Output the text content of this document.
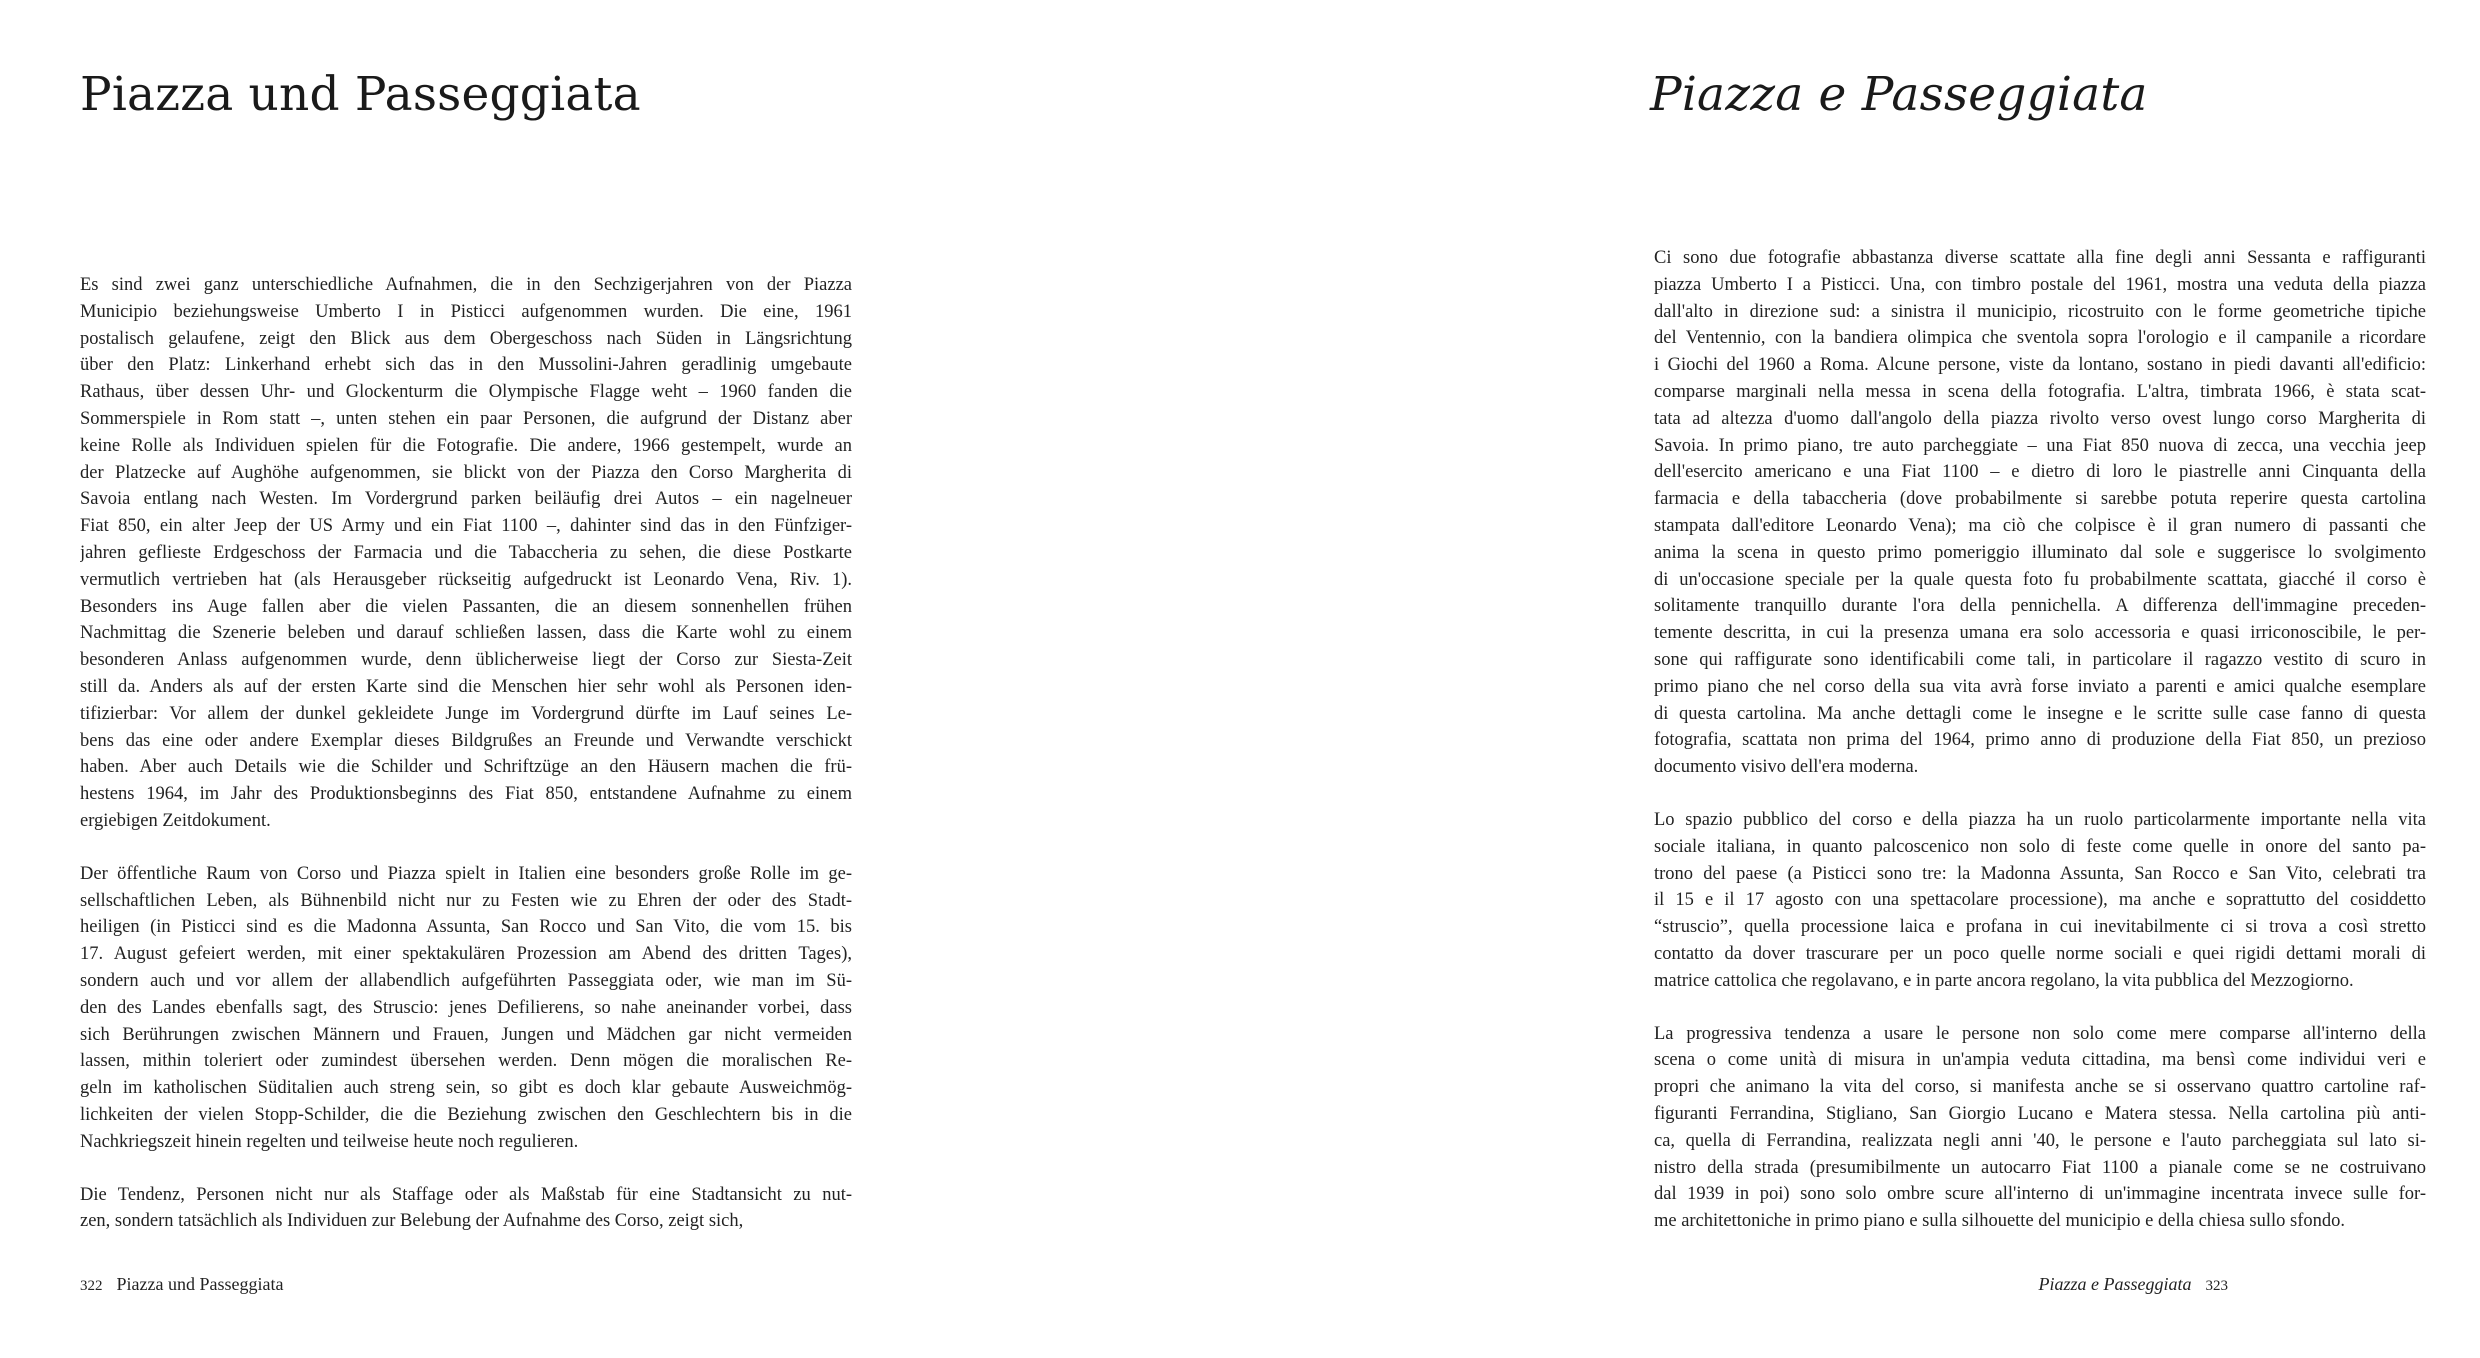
Piazza und Passeggiata
Es sind zwei ganz unterschiedliche Aufnahmen, die in den Sechzigerjahren von der Piazza
Municipio beziehungsweise Umberto I in Pisticci aufgenommen wurden. Die eine, 1961
postalisch gelaufene, zeigt den Blick aus dem Obergeschoss nach Süden in Längsrichtung
über den Platz: Linkerhand erhebt sich das in den Mussolini-Jahren geradlinig umgebaute
Rathaus, über dessen Uhr- und Glockenturm die Olympische Flagge weht – 1960 fanden die
Sommerspiele in Rom statt –, unten stehen ein paar Personen, die aufgrund der Distanz aber
keine Rolle als Individuen spielen für die Fotografie. Die andere, 1966 gestempelt, wurde an
der Platzecke auf Aughöhe aufgenommen, sie blickt von der Piazza den Corso Margherita di
Savoia entlang nach Westen. Im Vordergrund parken beiläufig drei Autos – ein nagelneuer
Fiat 850, ein alter Jeep der US Army und ein Fiat 1100 –, dahinter sind das in den Fünfziger-
jahren geflieste Erdgeschoss der Farmacia und die Tabaccheria zu sehen, die diese Postkarte
vermutlich vertrieben hat (als Herausgeber rückseitig aufgedruckt ist Leonardo Vena, Riv. 1).
Besonders ins Auge fallen aber die vielen Passanten, die an diesem sonnenhellen frühen
Nachmittag die Szenerie beleben und darauf schließen lassen, dass die Karte wohl zu einem
besonderen Anlass aufgenommen wurde, denn üblicherweise liegt der Corso zur Siesta-Zeit
still da. Anders als auf der ersten Karte sind die Menschen hier sehr wohl als Personen iden-
tifizierbar: Vor allem der dunkel gekleidete Junge im Vordergrund dürfte im Lauf seines Le-
bens das eine oder andere Exemplar dieses Bildgrußes an Freunde und Verwandte verschickt
haben. Aber auch Details wie die Schilder und Schriftzüge an den Häusern machen die frü-
hestens 1964, im Jahr des Produktionsbeginns des Fiat 850, entstandene Aufnahme zu einem
ergiebigen Zeitdokument.
Der öffentliche Raum von Corso und Piazza spielt in Italien eine besonders große Rolle im ge-
sellschaftlichen Leben, als Bühnenbild nicht nur zu Festen wie zu Ehren der oder des Stadt-
heiligen (in Pisticci sind es die Madonna Assunta, San Rocco und San Vito, die vom 15. bis
17. August gefeiert werden, mit einer spektakulären Prozession am Abend des dritten Tages),
sondern auch und vor allem der allabendlich aufgeführten Passeggiata oder, wie man im Sü-
den des Landes ebenfalls sagt, des Struscio: jenes Defilierens, so nahe aneinander vorbei, dass
sich Berührungen zwischen Männern und Frauen, Jungen und Mädchen gar nicht vermeiden
lassen, mithin toleriert oder zumindest übersehen werden. Denn mögen die moralischen Re-
geln im katholischen Süditalien auch streng sein, so gibt es doch klar gebaute Ausweichmög-
lichkeiten der vielen Stopp-Schilder, die die Beziehung zwischen den Geschlechtern bis in die
Nachkriegszeit hinein regelten und teilweise heute noch regulieren.
Die Tendenz, Personen nicht nur als Staffage oder als Maßstab für eine Stadtansicht zu nut-
zen, sondern tatsächlich als Individuen zur Belebung der Aufnahme des Corso, zeigt sich,
322 Piazza und Passeggiata
Piazza e Passeggiata
Ci sono due fotografie abbastanza diverse scattate alla fine degli anni Sessanta e raffiguranti
piazza Umberto I a Pisticci. Una, con timbro postale del 1961, mostra una veduta della piazza
dall'alto in direzione sud: a sinistra il municipio, ricostruito con le forme geometriche tipiche
del Ventennio, con la bandiera olimpica che sventola sopra l'orologio e il campanile a ricordare
i Giochi del 1960 a Roma. Alcune persone, viste da lontano, sostano in piedi davanti all'edificio:
comparse marginali nella messa in scena della fotografia. L'altra, timbrata 1966, è stata scat-
tata ad altezza d'uomo dall'angolo della piazza rivolto verso ovest lungo corso Margherita di
Savoia. In primo piano, tre auto parcheggiate – una Fiat 850 nuova di zecca, una vecchia jeep
dell'esercito americano e una Fiat 1100 – e dietro di loro le piastrelle anni Cinquanta della
farmacia e della tabaccheria (dove probabilmente si sarebbe potuta reperire questa cartolina
stampata dall'editore Leonardo Vena); ma ciò che colpisce è il gran numero di passanti che
anima la scena in questo primo pomeriggio illuminato dal sole e suggerisce lo svolgimento
di un'occasione speciale per la quale questa foto fu probabilmente scattata, giacché il corso è
solitamente tranquillo durante l'ora della pennichella. A differenza dell'immagine preceden-
temente descritta, in cui la presenza umana era solo accessoria e quasi irriconoscibile, le per-
sone qui raffigurate sono identificabili come tali, in particolare il ragazzo vestito di scuro in
primo piano che nel corso della sua vita avrà forse inviato a parenti e amici qualche esemplare
di questa cartolina. Ma anche dettagli come le insegne e le scritte sulle case fanno di questa
fotografia, scattata non prima del 1964, primo anno di produzione della Fiat 850, un prezioso
documento visivo dell'era moderna.
Lo spazio pubblico del corso e della piazza ha un ruolo particolarmente importante nella vita
sociale italiana, in quanto palcoscenico non solo di feste come quelle in onore del santo pa-
trono del paese (a Pisticci sono tre: la Madonna Assunta, San Rocco e San Vito, celebrati tra
il 15 e il 17 agosto con una spettacolare processione), ma anche e soprattutto del cosiddetto
“struscio”, quella processione laica e profana in cui inevitabilmente ci si trova a così stretto
contatto da dover trascurare per un poco quelle norme sociali e quei rigidi dettami morali di
matrice cattolica che regolavano, e in parte ancora regolano, la vita pubblica del Mezzogiorno.
La progressiva tendenza a usare le persone non solo come mere comparse all'interno della
scena o come unità di misura in un'ampia veduta cittadina, ma bensì come individui veri e
propri che animano la vita del corso, si manifesta anche se si osservano quattro cartoline raf-
figuranti Ferrandina, Stigliano, San Giorgio Lucano e Matera stessa. Nella cartolina più anti-
ca, quella di Ferrandina, realizzata negli anni '40, le persone e l'auto parcheggiata sul lato si-
nistro della strada (presumibilmente un autocarro Fiat 1100 a pianale come se ne costruivano
dal 1939 in poi) sono solo ombre scure all'interno di un'immagine incentrata invece sulle for-
me architettoniche in primo piano e sulla silhouette del municipio e della chiesa sullo sfondo.
Piazza e Passeggiata 323
